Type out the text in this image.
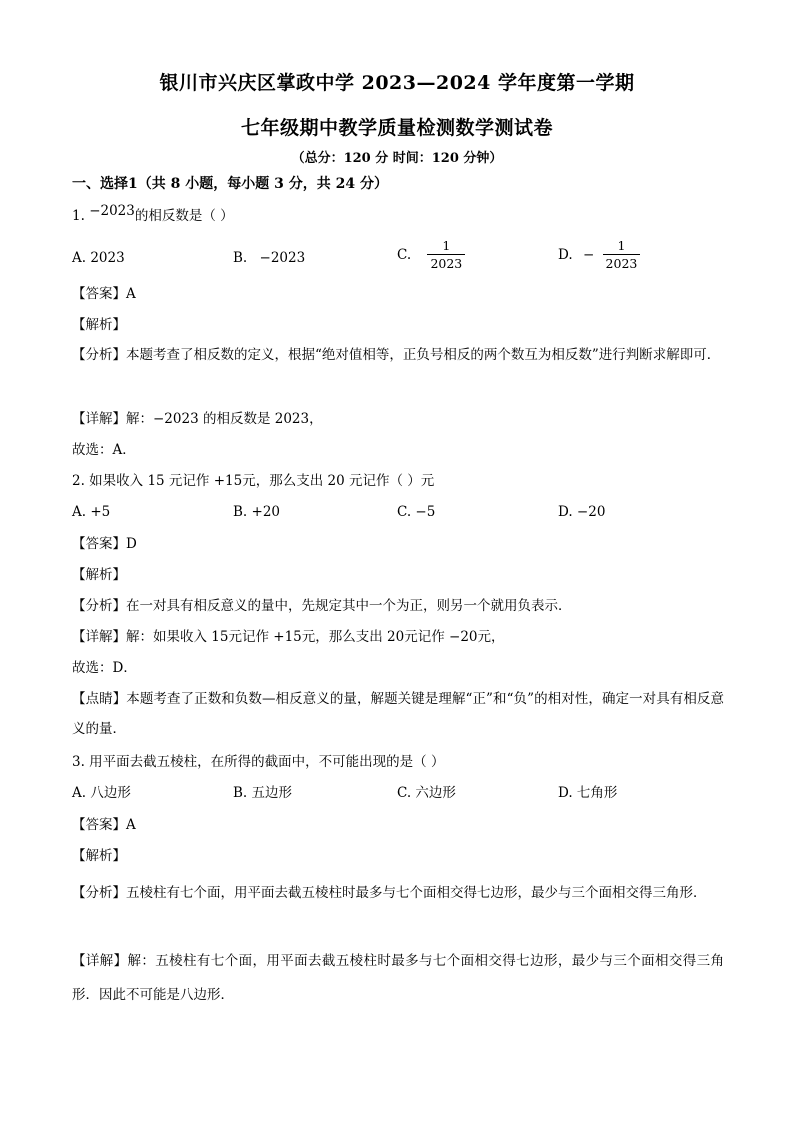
银川市兴庆区掌政中学 2023—2024 学年度第一学期
七年级期中教学质量检测数学测试卷
（总分：120 分 时间：120 分钟）
一、选择1（共 8 小题，每小题 3 分，共 24 分）
1. −2023的相反数是（ ）
A. 2023	B. −2023	C. $\frac{1}{2023}$	D. − $\frac{1}{2023}$
【答案】A
【解析】
【分析】本题考查了相反数的定义，根据“绝对值相等，正负号相反的两个数互为相反数”进行判断求解即可．
【详解】解：−2023 的相反数是 2023，
故选：A．
2. 如果收入 15 元记作 +15元，那么支出 20 元记作（ ）元
A. +5	B. +20	C. −5	D. −20
【答案】D
【解析】
【分析】在一对具有相反意义的量中，先规定其中一个为正，则另一个就用负表示．
【详解】解：如果收入 15元记作 +15元，那么支出 20元记作 −20元，
故选：D．
【点睛】本题考查了正数和负数—相反意义的量，解题关键是理解“正”和“负”的相对性，确定一对具有相反意义的量．
3. 用平面去截五棱柱，在所得的截面中，不可能出现的是（ ）
A. 八边形	B. 五边形	C. 六边形	D. 七角形
【答案】A
【解析】
【分析】五棱柱有七个面，用平面去截五棱柱时最多与七个面相交得七边形，最少与三个面相交得三角形．
【详解】解：五棱柱有七个面，用平面去截五棱柱时最多与七个面相交得七边形，最少与三个面相交得三角形．因此不可能是八边形．
